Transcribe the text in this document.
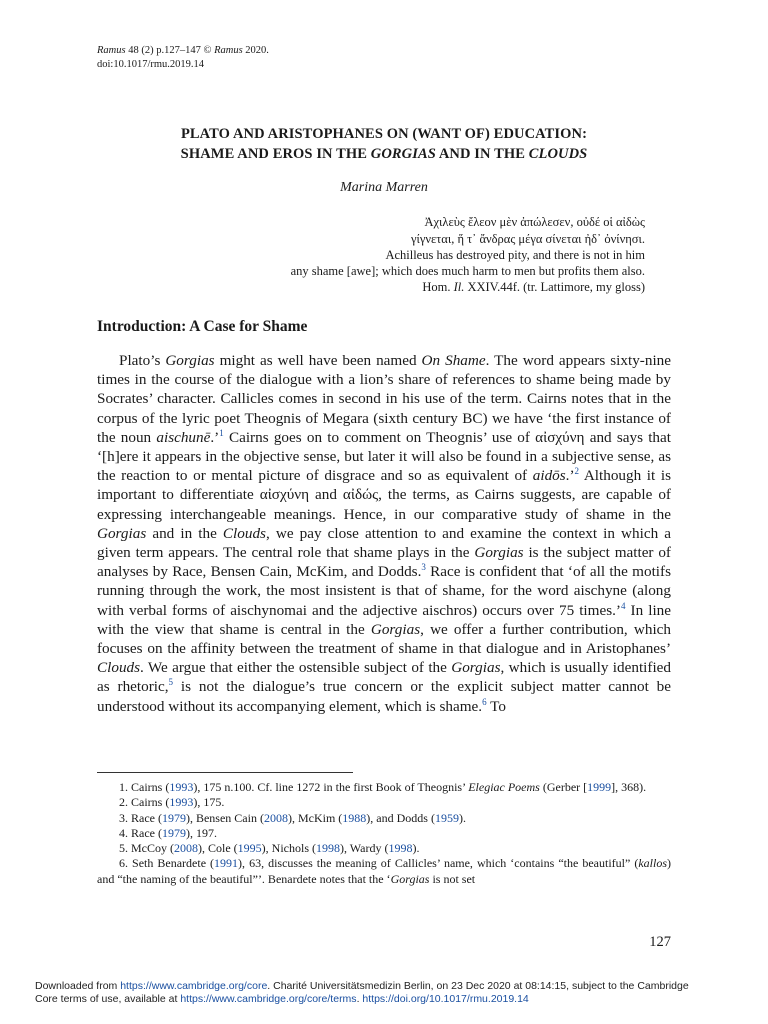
Ramus 48 (2) p.127–147 © Ramus 2020.
doi:10.1017/rmu.2019.14
PLATO AND ARISTOPHANES ON (WANT OF) EDUCATION:
SHAME AND EROS IN THE GORGIAS AND IN THE CLOUDS
Marina Marren
Ἀχιλεὺς ἔλεον μὲν ἀπώλεσεν, οὐδέ οἱ αἰδὼς
γίγνεται, ἥ τ᾽ ἄνδρας μέγα σίνεται ἠδ᾽ ὀνίνησι.
Achilleus has destroyed pity, and there is not in him
any shame [awe]; which does much harm to men but profits them also.
Hom. Il. XXIV.44f. (tr. Lattimore, my gloss)
Introduction: A Case for Shame

Plato’s Gorgias might as well have been named On Shame. The word appears sixty-nine times in the course of the dialogue with a lion’s share of references to shame being made by Socrates’ character. Callicles comes in second in his use of the term. Cairns notes that in the corpus of the lyric poet Theognis of Megara (sixth century BC) we have ‘the first instance of the noun aischunē.’$^1$ Cairns goes on to comment on Theognis’ use of αἰσχύνη and says that ‘[h]ere it appears in the objective sense, but later it will also be found in a subjective sense, as the reaction to or mental picture of disgrace and so as equivalent of aidōs.’$^2$ Although it is important to differentiate αἰσχύνη and αἰδώς, the terms, as Cairns suggests, are capable of expressing interchangeable meanings. Hence, in our comparative study of shame in the Gorgias and in the Clouds, we pay close attention to and examine the context in which a given term appears. The central role that shame plays in the Gorgias is the subject matter of analyses by Race, Bensen Cain, McKim, and Dodds.$^3$ Race is confident that ‘of all the motifs running through the work, the most insistent is that of shame, for the word aischyne (along with verbal forms of aischynomai and the adjective aischros) occurs over 75 times.’$^4$ In line with the view that shame is central in the Gorgias, we offer a further contribution, which focuses on the affinity between the treatment of shame in that dialogue and in Aristophanes’ Clouds. We argue that either the ostensible subject of the Gorgias, which is usually identified as rhetoric,$^5$ is not the dialogue’s true concern or the explicit subject matter cannot be understood without its accompanying element, which is shame.$^6$ To

1. Cairns (1993), 175 n.100. Cf. line 1272 in the first Book of Theognis’ Elegiac Poems (Gerber [1999], 368).

2. Cairns (1993), 175.

3. Race (1979), Bensen Cain (2008), McKim (1988), and Dodds (1959).

4. Race (1979), 197.

5. McCoy (2008), Cole (1995), Nichols (1998), Wardy (1998).

6. Seth Benardete (1991), 63, discusses the meaning of Callicles’ name, which ‘contains “the beautiful” (kallos) and “the naming of the beautiful”’. Benardete notes that the ‘Gorgias is not set

127
Downloaded from https://www.cambridge.org/core. Charité Universitätsmedizin Berlin, on 23 Dec 2020 at 08:14:15, subject to the Cambridge
Core terms of use, available at https://www.cambridge.org/core/terms. https://doi.org/10.1017/rmu.2019.14
